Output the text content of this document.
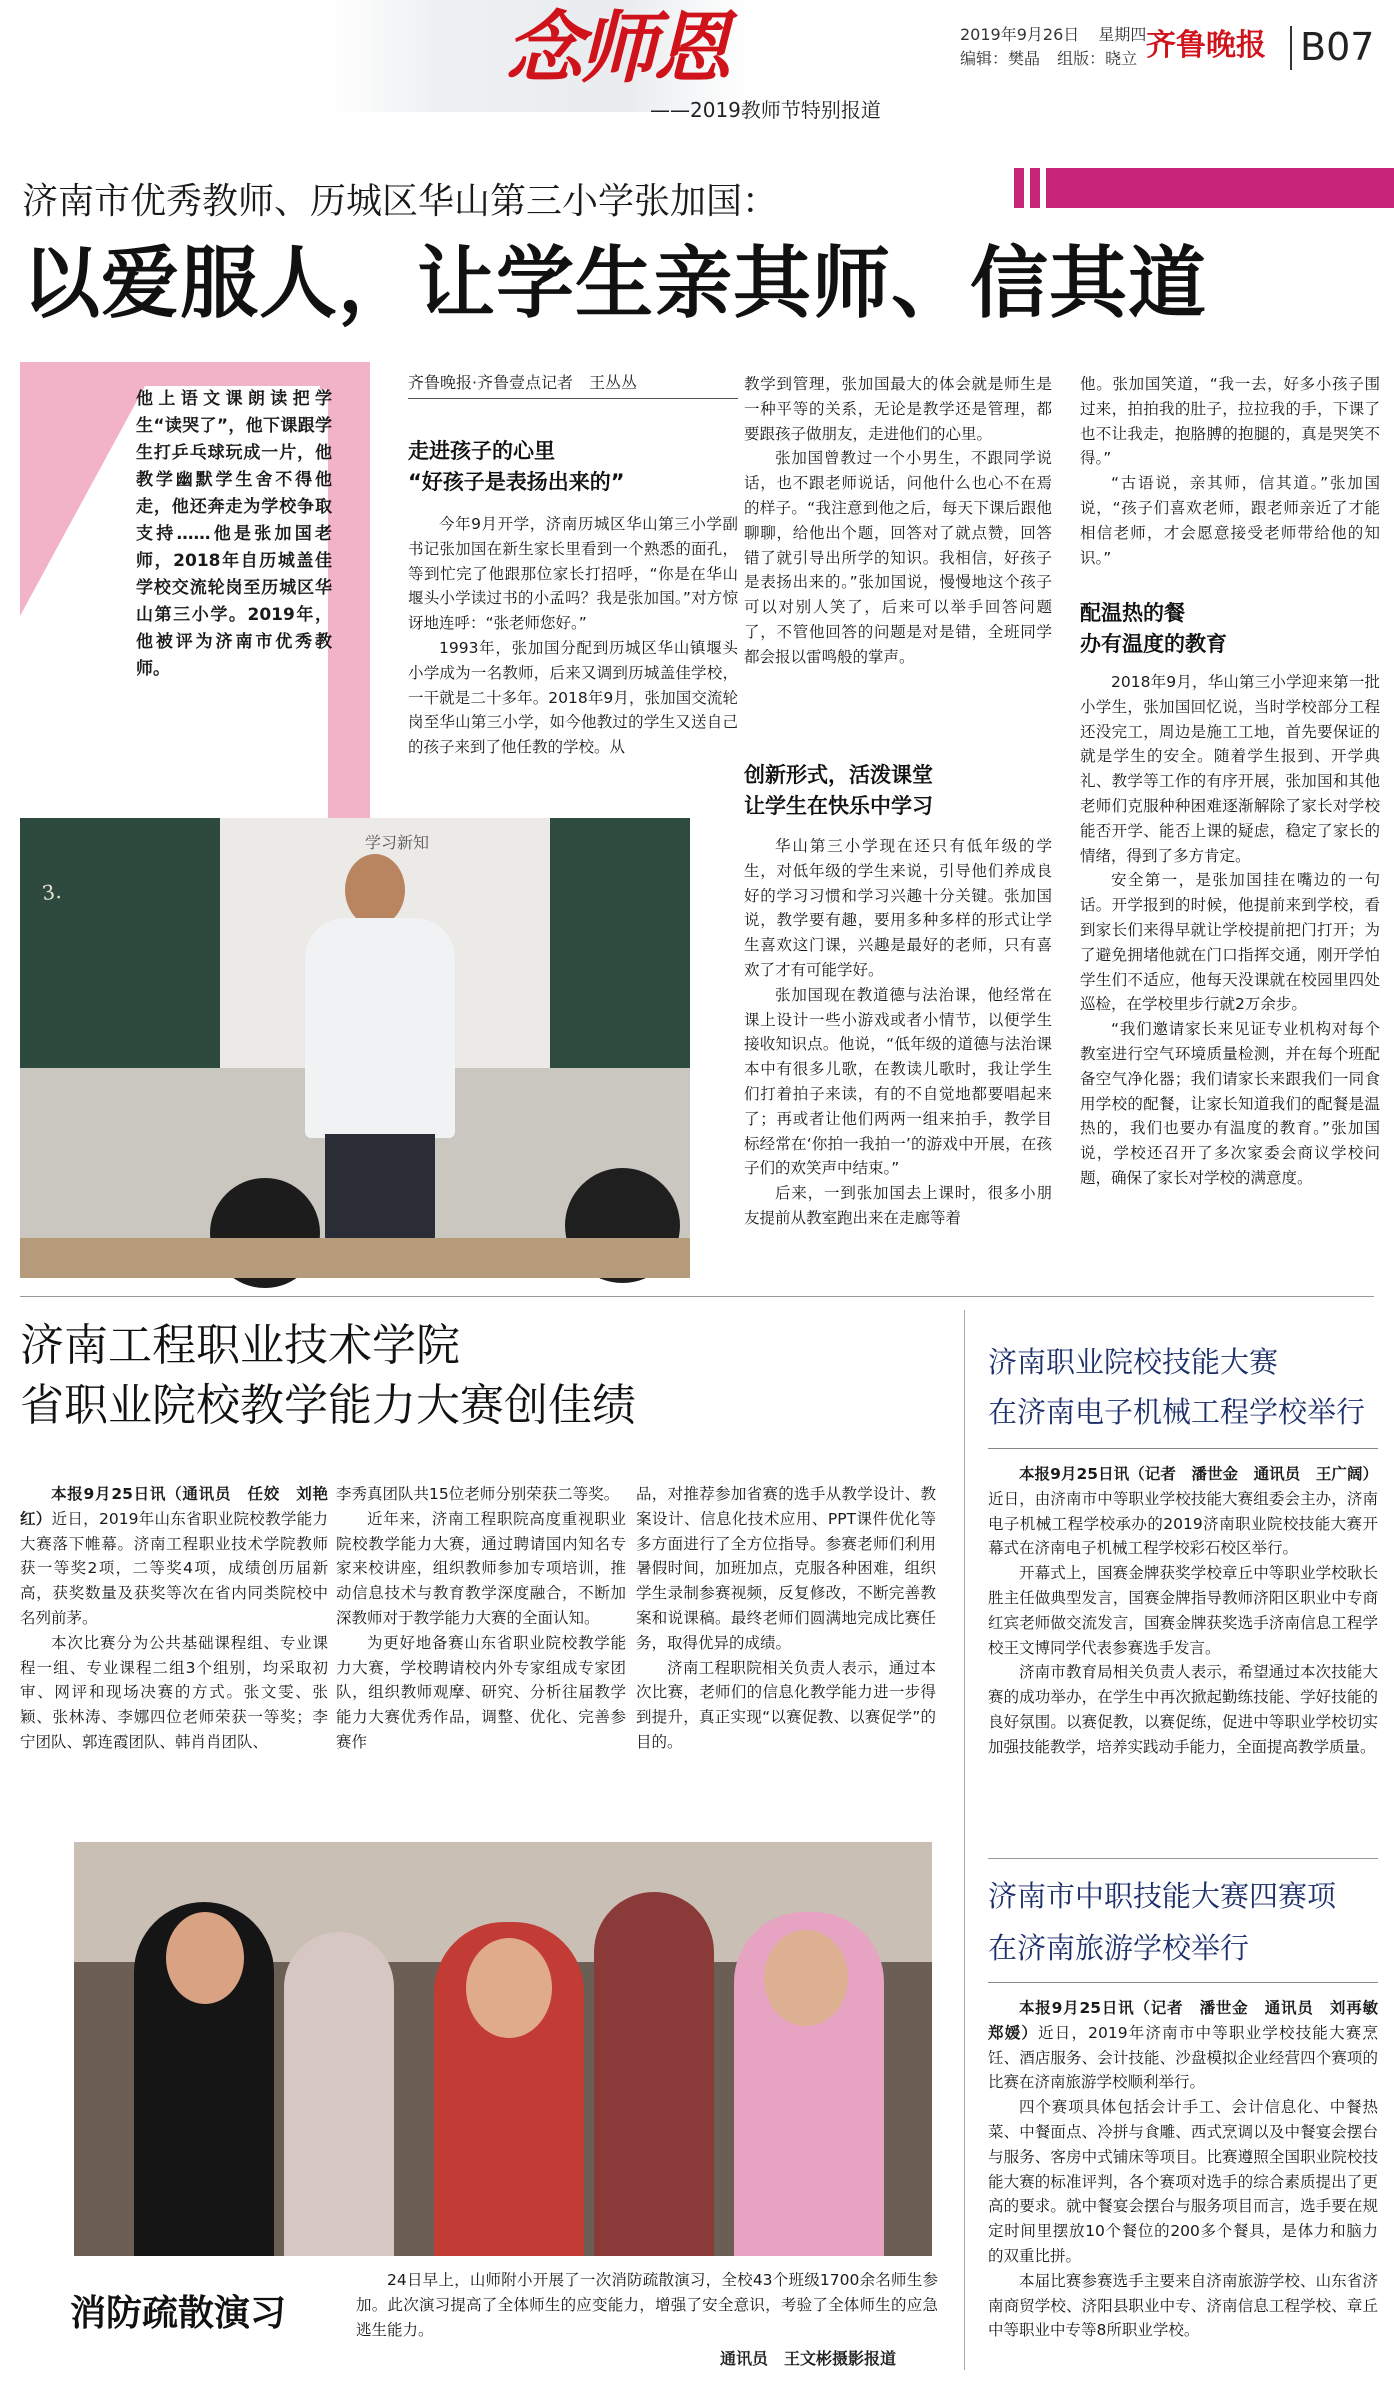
念师恩
——2019教师节特别报道
2019年9月26日 星期四
编辑：樊晶 组版：晓立 齐鲁晚报 B07
济南市优秀教师、历城区华山第三小学张加国：
以爱服人，让学生亲其师、信其道
他上语文课朗读把学生“读哭了”，他下课跟学生打乒乓球玩成一片，他教学幽默学生舍不得他走，他还奔走为学校争取支持……他是张加国老师，2018年自历城盖佳学校交流轮岗至历城区华山第三小学。2019年，他被评为济南市优秀教师。
齐鲁晚报·齐鲁壹点记者　王丛丛
走进孩子的心里
“好孩子是表扬出来的”

今年9月开学，济南历城区华山第三小学副书记张加国在新生家长里看到一个熟悉的面孔，等到忙完了他跟那位家长打招呼，“你是在华山堰头小学读过书的小孟吗？我是张加国。”对方惊讶地连呼：“张老师您好。”

1993年，张加国分配到历城区华山镇堰头小学成为一名教师，后来又调到历城盖佳学校，一干就是二十多年。2018年9月，张加国交流轮岗至华山第三小学，如今他教过的学生又送自己的孩子来到了他任教的学校。从

教学到管理，张加国最大的体会就是师生是一种平等的关系，无论是教学还是管理，都要跟孩子做朋友，走进他们的心里。

张加国曾教过一个小男生，不跟同学说话，也不跟老师说话，问他什么也心不在焉的样子。“我注意到他之后，每天下课后跟他聊聊，给他出个题，回答对了就点赞，回答错了就引导出所学的知识。我相信，好孩子是表扬出来的。”张加国说，慢慢地这个孩子可以对别人笑了，后来可以举手回答问题了，不管他回答的问题是对是错，全班同学都会报以雷鸣般的掌声。

创新形式，活泼课堂
让学生在快乐中学习

华山第三小学现在还只有低年级的学生，对低年级的学生来说，引导他们养成良好的学习习惯和学习兴趣十分关键。张加国说，教学要有趣，要用多种多样的形式让学生喜欢这门课，兴趣是最好的老师，只有喜欢了才有可能学好。

张加国现在教道德与法治课，他经常在课上设计一些小游戏或者小情节，以便学生接收知识点。他说，“低年级的道德与法治课本中有很多儿歌，在教读儿歌时，我让学生们打着拍子来读，有的不自觉地都要唱起来了；再或者让他们两两一组来拍手，教学目标经常在‘你拍一我拍一’的游戏中开展，在孩子们的欢笑声中结束。”

后来，一到张加国去上课时，很多小朋友提前从教室跑出来在走廊等着

他。张加国笑道，“我一去，好多小孩子围过来，拍拍我的肚子，拉拉我的手，下课了也不让我走，抱胳膊的抱腿的，真是哭笑不得。”

“古语说，亲其师，信其道。”张加国说，“孩子们喜欢老师，跟老师亲近了才能相信老师，才会愿意接受老师带给他的知识。”

配温热的餐
办有温度的教育

2018年9月，华山第三小学迎来第一批小学生，张加国回忆说，当时学校部分工程还没完工，周边是施工工地，首先要保证的就是学生的安全。随着学生报到、开学典礼、教学等工作的有序开展，张加国和其他老师们克服种种困难逐渐解除了家长对学校能否开学、能否上课的疑虑，稳定了家长的情绪，得到了多方肯定。

安全第一，是张加国挂在嘴边的一句话。开学报到的时候，他提前来到学校，看到家长们来得早就让学校提前把门打开；为了避免拥堵他就在门口指挥交通，刚开学怕学生们不适应，他每天没课就在校园里四处巡检，在学校里步行就2万余步。

“我们邀请家长来见证专业机构对每个教室进行空气环境质量检测，并在每个班配备空气净化器；我们请家长来跟我们一同食用学校的配餐，让家长知道我们的配餐是温热的，我们也要办有温度的教育。”张加国说，学校还召开了多次家委会商议学校问题，确保了家长对学校的满意度。

3.
学习新知
济南工程职业技术学院
省职业院校教学能力大赛创佳绩

本报9月25日讯（通讯员　任姣　刘艳红）近日，2019年山东省职业院校教学能力大赛落下帷幕。济南工程职业技术学院教师获一等奖2项，二等奖4项，成绩创历届新高，获奖数量及获奖等次在省内同类院校中名列前茅。

本次比赛分为公共基础课程组、专业课程一组、专业课程二组3个组别，均采取初审、网评和现场决赛的方式。张文雯、张颖、张林涛、李娜四位老师荣获一等奖；李宁团队、郭连霞团队、韩肖肖团队、

李秀真团队共15位老师分别荣获二等奖。

近年来，济南工程职院高度重视职业院校教学能力大赛，通过聘请国内知名专家来校讲座，组织教师参加专项培训，推动信息技术与教育教学深度融合，不断加深教师对于教学能力大赛的全面认知。

为更好地备赛山东省职业院校教学能力大赛，学校聘请校内外专家组成专家团队，组织教师观摩、研究、分析往届教学能力大赛优秀作品，调整、优化、完善参赛作

品，对推荐参加省赛的选手从教学设计、教案设计、信息化技术应用、PPT课件优化等多方面进行了全方位指导。参赛老师们利用暑假时间，加班加点，克服各种困难，组织学生录制参赛视频，反复修改，不断完善教案和说课稿。最终老师们圆满地完成比赛任务，取得优异的成绩。

济南工程职院相关负责人表示，通过本次比赛，老师们的信息化教学能力进一步得到提升，真正实现“以赛促教、以赛促学”的目的。

济南职业院校技能大赛
在济南电子机械工程学校举行

本报9月25日讯（记者　潘世金　通讯员　王广阔）近日，由济南市中等职业学校技能大赛组委会主办，济南电子机械工程学校承办的2019济南职业院校技能大赛开幕式在济南电子机械工程学校彩石校区举行。

开幕式上，国赛金牌获奖学校章丘中等职业学校耿长胜主任做典型发言，国赛金牌指导教师济阳区职业中专商红宾老师做交流发言，国赛金牌获奖选手济南信息工程学校王文博同学代表参赛选手发言。

济南市教育局相关负责人表示，希望通过本次技能大赛的成功举办，在学生中再次掀起勤练技能、学好技能的良好氛围。以赛促教，以赛促练，促进中等职业学校切实加强技能教学，培养实践动手能力，全面提高教学质量。

济南市中职技能大赛四赛项
在济南旅游学校举行

本报9月25日讯（记者　潘世金　通讯员　刘再敏　郑媛）近日，2019年济南市中等职业学校技能大赛烹饪、酒店服务、会计技能、沙盘模拟企业经营四个赛项的比赛在济南旅游学校顺利举行。

四个赛项具体包括会计手工、会计信息化、中餐热菜、中餐面点、冷拼与食雕、西式烹调以及中餐宴会摆台与服务、客房中式铺床等项目。比赛遵照全国职业院校技能大赛的标准评判，各个赛项对选手的综合素质提出了更高的要求。就中餐宴会摆台与服务项目而言，选手要在规定时间里摆放10个餐位的200多个餐具，是体力和脑力的双重比拼。

本届比赛参赛选手主要来自济南旅游学校、山东省济南商贸学校、济阳县职业中专、济南信息工程学校、章丘中等职业中专等8所职业学校。

消防疏散演习

24日早上，山师附小开展了一次消防疏散演习，全校43个班级1700余名师生参加。此次演习提高了全体师生的应变能力，增强了安全意识，考验了全体师生的应急逃生能力。

通讯员　王文彬摄影报道
